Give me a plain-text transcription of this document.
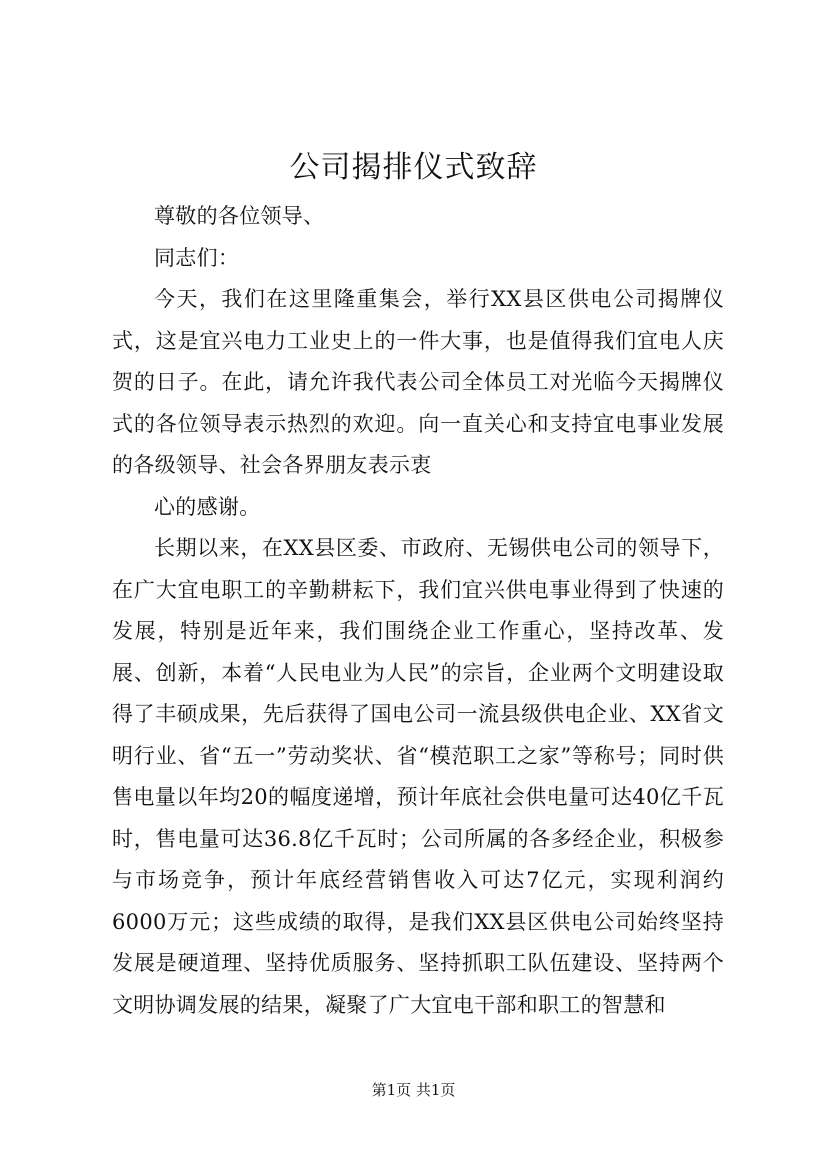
公司揭排仪式致辞

尊敬的各位领导、

同志们：

今天，我们在这里隆重集会，举行XX县区供电公司揭牌仪式，这是宜兴电力工业史上的一件大事，也是值得我们宜电人庆贺的日子。在此，请允许我代表公司全体员工对光临今天揭牌仪式的各位领导表示热烈的欢迎。向一直关心和支持宜电事业发展的各级领导、社会各界朋友表示衷

心的感谢。

长期以来，在XX县区委、市政府、无锡供电公司的领导下，在广大宜电职工的辛勤耕耘下，我们宜兴供电事业得到了快速的发展，特别是近年来，我们围绕企业工作重心，坚持改革、发展、创新，本着“人民电业为人民”的宗旨，企业两个文明建设取得了丰硕成果，先后获得了国电公司一流县级供电企业、XX省文明行业、省“五一”劳动奖状、省“模范职工之家”等称号；同时供售电量以年均20的幅度递增，预计年底社会供电量可达40亿千瓦时，售电量可达36.8亿千瓦时；公司所属的各多经企业，积极参与市场竞争，预计年底经营销售收入可达7亿元，实现利润约6000万元；这些成绩的取得，是我们XX县区供电公司始终坚持发展是硬道理、坚持优质服务、坚持抓职工队伍建设、坚持两个文明协调发展的结果，凝聚了广大宜电干部和职工的智慧和

第1页 共1页
